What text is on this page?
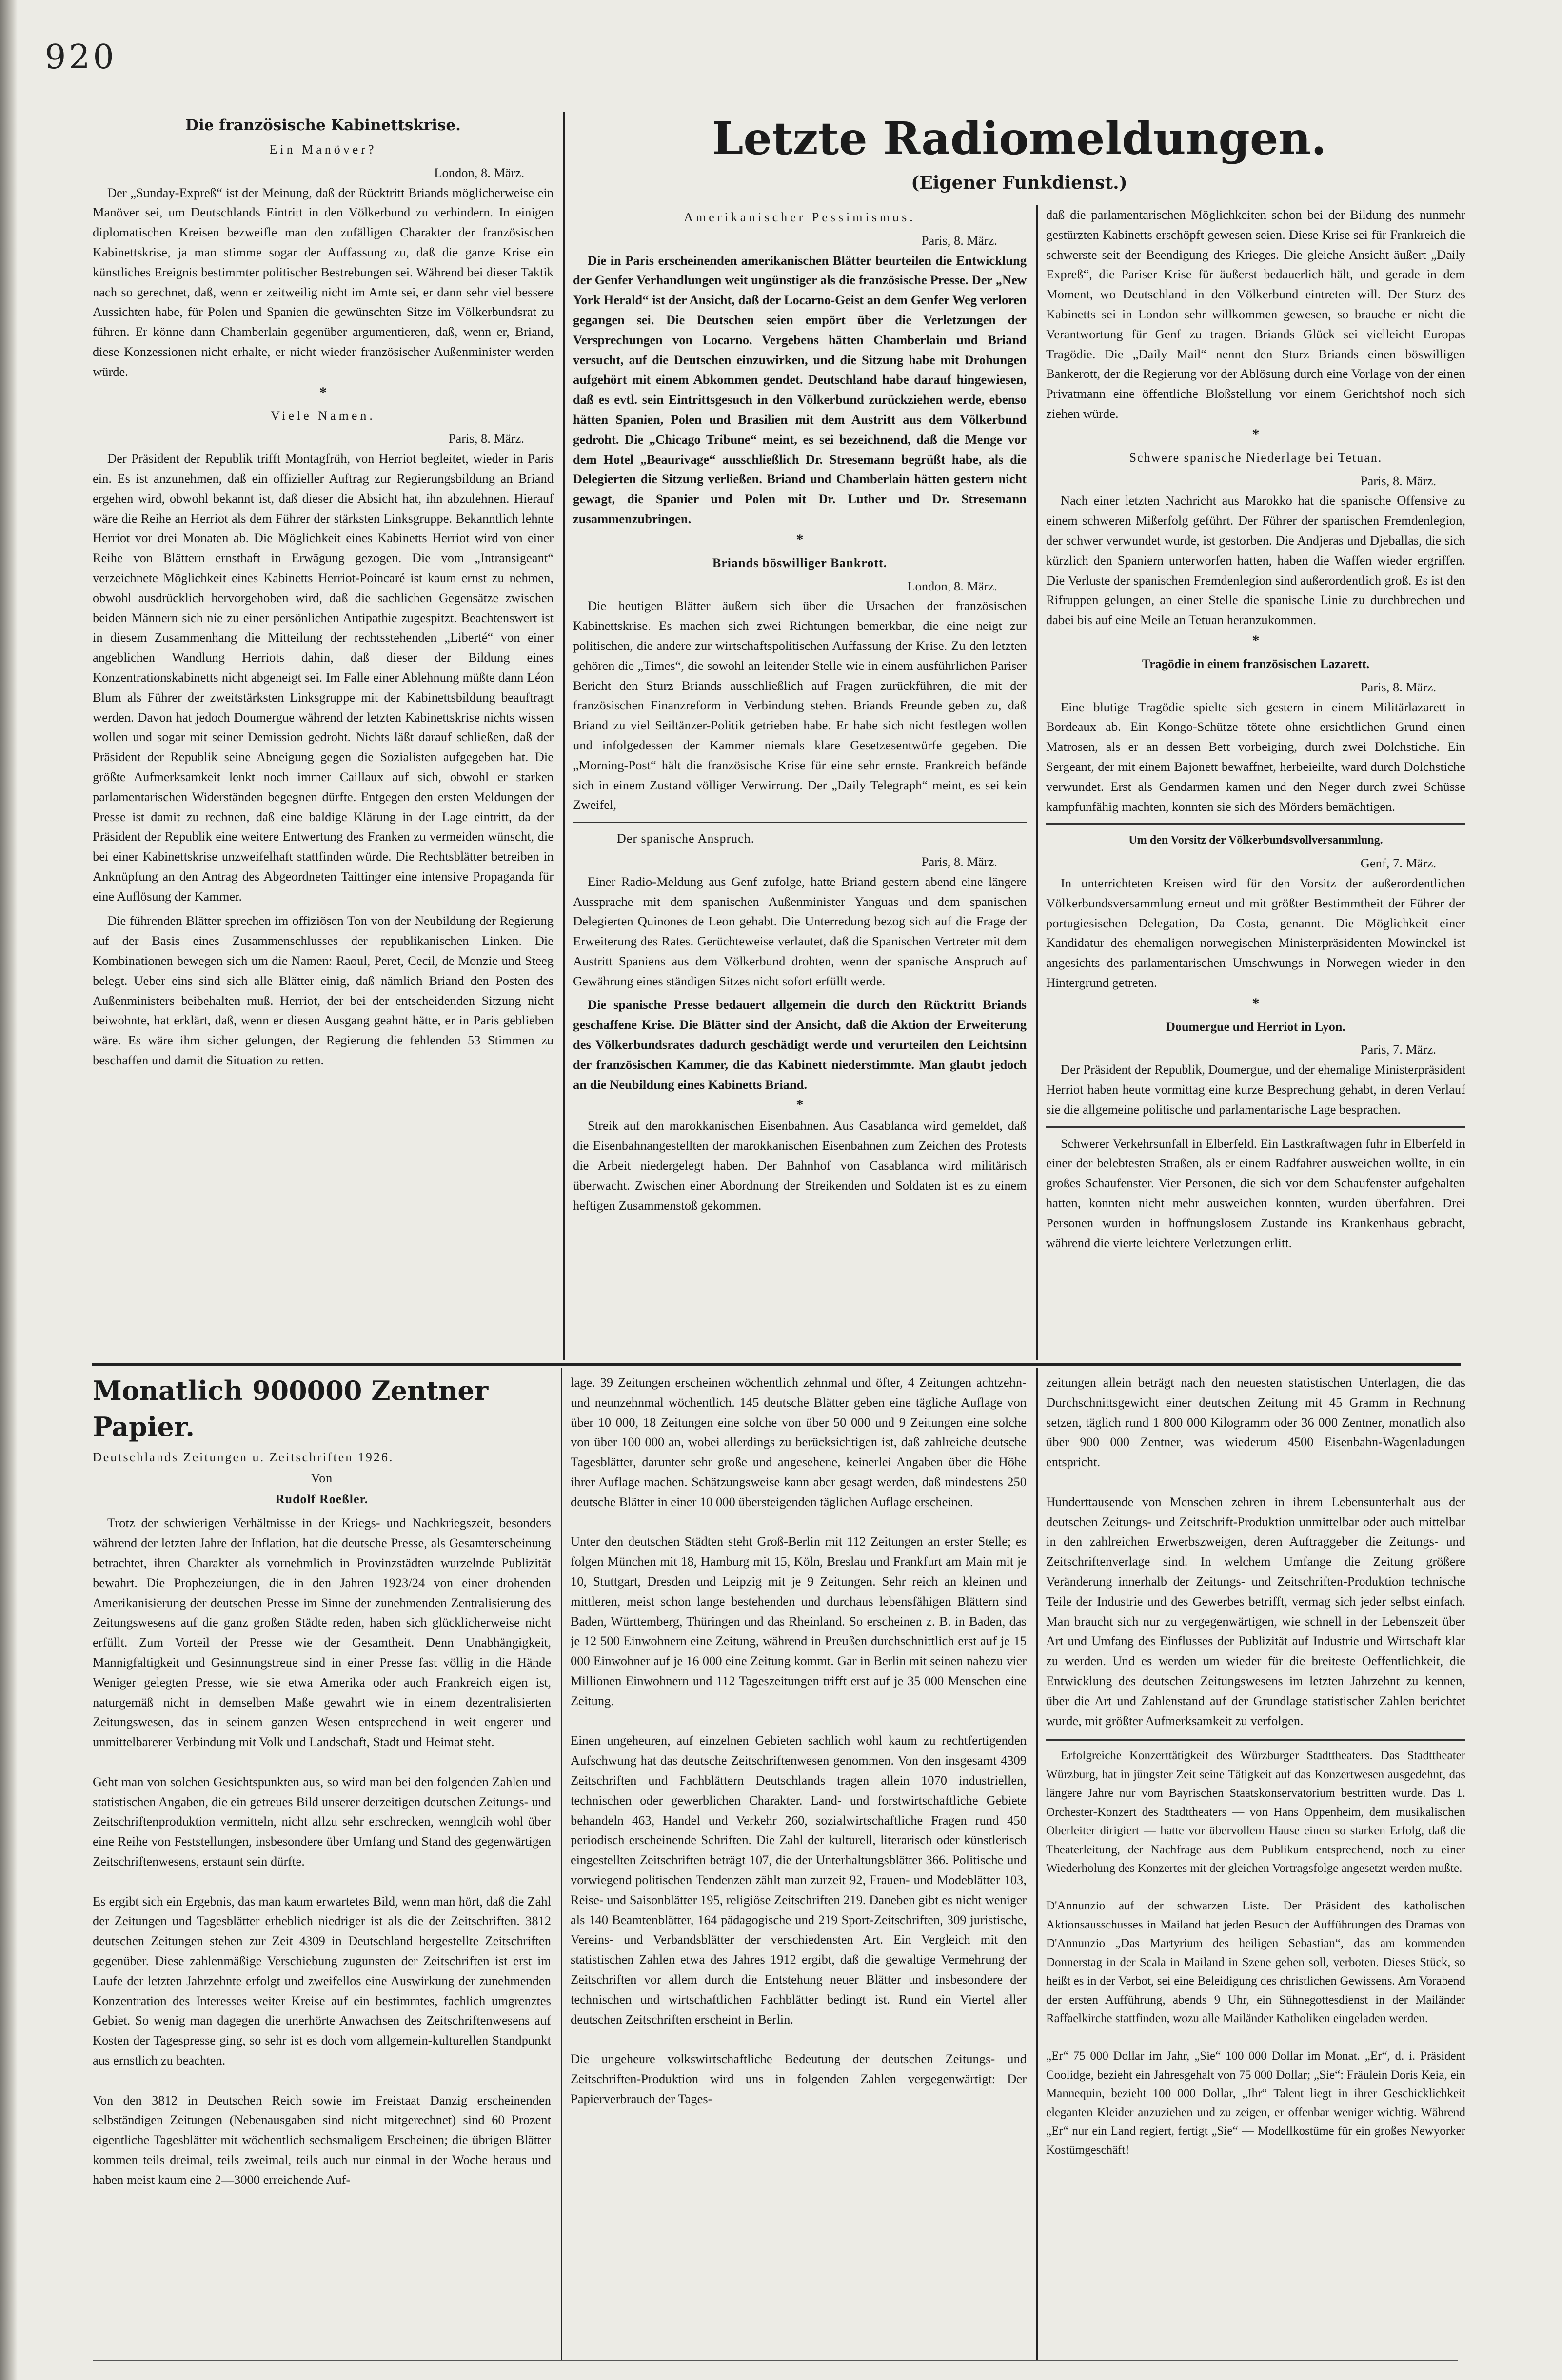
920

Die französische Kabinettskrise.

Ein Manöver?

London, 8. März.

Der „Sunday-Expreß“ ist der Meinung, daß der Rücktritt Briands möglicherweise ein Manöver sei, um Deutschlands Eintritt in den Völkerbund zu verhindern. In einigen diplomatischen Kreisen bezweifle man den zufälligen Charakter der französischen Kabinettskrise, ja man stimme sogar der Auffassung zu, daß die ganze Krise ein künstliches Ereignis bestimmter politischer Bestrebungen sei. Während bei dieser Taktik nach so gerechnet, daß, wenn er zeitweilig nicht im Amte sei, er dann sehr viel bessere Aussichten habe, für Polen und Spanien die gewünschten Sitze im Völkerbundsrat zu führen. Er könne dann Chamberlain gegenüber argumentieren, daß, wenn er, Briand, diese Konzessionen nicht erhalte, er nicht wieder französischer Außenminister werden würde.

*

Viele Namen.

Paris, 8. März.

Der Präsident der Republik trifft Montagfrüh, von Herriot begleitet, wieder in Paris ein. Es ist anzunehmen, daß ein offizieller Auftrag zur Regierungsbildung an Briand ergehen wird, obwohl bekannt ist, daß dieser die Absicht hat, ihn abzulehnen. Hierauf wäre die Reihe an Herriot als dem Führer der stärksten Linksgruppe. Bekanntlich lehnte Herriot vor drei Monaten ab. Die Möglichkeit eines Kabinetts Herriot wird von einer Reihe von Blättern ernsthaft in Erwägung gezogen. Die vom „Intransigeant“ verzeichnete Möglichkeit eines Kabinetts Herriot-Poincaré ist kaum ernst zu nehmen, obwohl ausdrücklich hervorgehoben wird, daß die sachlichen Gegensätze zwischen beiden Männern sich nie zu einer persönlichen Antipathie zugespitzt. Beachtenswert ist in diesem Zusammenhang die Mitteilung der rechtsstehenden „Liberté“ von einer angeblichen Wandlung Herriots dahin, daß dieser der Bildung eines Konzentrationskabinetts nicht abgeneigt sei. Im Falle einer Ablehnung müßte dann Léon Blum als Führer der zweitstärksten Linksgruppe mit der Kabinettsbildung beauftragt werden. Davon hat jedoch Doumergue während der letzten Kabinettskrise nichts wissen wollen und sogar mit seiner Demission gedroht. Nichts läßt darauf schließen, daß der Präsident der Republik seine Abneigung gegen die Sozialisten aufgegeben hat. Die größte Aufmerksamkeit lenkt noch immer Caillaux auf sich, obwohl er starken parlamentarischen Widerständen begegnen dürfte. Entgegen den ersten Meldungen der Presse ist damit zu rechnen, daß eine baldige Klärung in der Lage eintritt, da der Präsident der Republik eine weitere Entwertung des Franken zu vermeiden wünscht, die bei einer Kabinettskrise unzweifelhaft stattfinden würde. Die Rechtsblätter betreiben in Anknüpfung an den Antrag des Abgeordneten Taittinger eine intensive Propaganda für eine Auflösung der Kammer.

Die führenden Blätter sprechen im offiziösen Ton von der Neubildung der Regierung auf der Basis eines Zusammenschlusses der republikanischen Linken. Die Kombinationen bewegen sich um die Namen: Raoul, Peret, Cecil, de Monzie und Steeg belegt. Ueber eins sind sich alle Blätter einig, daß nämlich Briand den Posten des Außenministers beibehalten muß. Herriot, der bei der entscheidenden Sitzung nicht beiwohnte, hat erklärt, daß, wenn er diesen Ausgang geahnt hätte, er in Paris geblieben wäre. Es wäre ihm sicher gelungen, der Regierung die fehlenden 53 Stimmen zu beschaffen und damit die Situation zu retten.

Letzte Radiomeldungen.
(Eigener Funkdienst.)

Amerikanischer Pessimismus.

Paris, 8. März.

Die in Paris erscheinenden amerikanischen Blätter beurteilen die Entwicklung der Genfer Verhandlungen weit ungünstiger als die französische Presse. Der „New York Herald“ ist der Ansicht, daß der Locarno-Geist an dem Genfer Weg verloren gegangen sei. Die Deutschen seien empört über die Verletzungen der Versprechungen von Locarno. Vergebens hätten Chamberlain und Briand versucht, auf die Deutschen einzuwirken, und die Sitzung habe mit Drohungen aufgehört mit einem Abkommen gendet. Deutschland habe darauf hingewiesen, daß es evtl. sein Eintrittsgesuch in den Völkerbund zurückziehen werde, ebenso hätten Spanien, Polen und Brasilien mit dem Austritt aus dem Völkerbund gedroht. Die „Chicago Tribune“ meint, es sei bezeichnend, daß die Menge vor dem Hotel „Beaurivage“ ausschließlich Dr. Stresemann begrüßt habe, als die Delegierten die Sitzung verließen. Briand und Chamberlain hätten gestern nicht gewagt, die Spanier und Polen mit Dr. Luther und Dr. Stresemann zusammenzubringen.

*

Briands böswilliger Bankrott.

London, 8. März.

Die heutigen Blätter äußern sich über die Ursachen der französischen Kabinettskrise. Es machen sich zwei Richtungen bemerkbar, die eine neigt zur politischen, die andere zur wirtschaftspolitischen Auffassung der Krise. Zu den letzten gehören die „Times“, die sowohl an leitender Stelle wie in einem ausführlichen Pariser Bericht den Sturz Briands ausschließlich auf Fragen zurückführen, die mit der französischen Finanzreform in Verbindung stehen. Briands Freunde geben zu, daß Briand zu viel Seiltänzer-Politik getrieben habe. Er habe sich nicht festlegen wollen und infolgedessen der Kammer niemals klare Gesetzesentwürfe gegeben. Die „Morning-Post“ hält die französische Krise für eine sehr ernste. Frankreich befände sich in einem Zustand völliger Verwirrung. Der „Daily Telegraph“ meint, es sei kein Zweifel,

Der spanische Anspruch.

Paris, 8. März.

Einer Radio-Meldung aus Genf zufolge, hatte Briand gestern abend eine längere Aussprache mit dem spanischen Außenminister Yanguas und dem spanischen Delegierten Quinones de Leon gehabt. Die Unterredung bezog sich auf die Frage der Erweiterung des Rates. Gerüchteweise verlautet, daß die Spanischen Vertreter mit dem Austritt Spaniens aus dem Völkerbund drohten, wenn der spanische Anspruch auf Gewährung eines ständigen Sitzes nicht sofort erfüllt werde.

Die spanische Presse bedauert allgemein die durch den Rücktritt Briands geschaffene Krise. Die Blätter sind der Ansicht, daß die Aktion der Erweiterung des Völkerbundsrates dadurch geschädigt werde und verurteilen den Leichtsinn der französischen Kammer, die das Kabinett niederstimmte. Man glaubt jedoch an die Neubildung eines Kabinetts Briand.

*

Streik auf den marokkanischen Eisenbahnen. Aus Casablanca wird gemeldet, daß die Eisenbahnangestellten der marokkanischen Eisenbahnen zum Zeichen des Protests die Arbeit niedergelegt haben. Der Bahnhof von Casablanca wird militärisch überwacht. Zwischen einer Abordnung der Streikenden und Soldaten ist es zu einem heftigen Zusammenstoß gekommen.

daß die parlamentarischen Möglichkeiten schon bei der Bildung des nunmehr gestürzten Kabinetts erschöpft gewesen seien. Diese Krise sei für Frankreich die schwerste seit der Beendigung des Krieges. Die gleiche Ansicht äußert „Daily Expreß“, die Pariser Krise für äußerst bedauerlich hält, und gerade in dem Moment, wo Deutschland in den Völkerbund eintreten will. Der Sturz des Kabinetts sei in London sehr willkommen gewesen, so brauche er nicht die Verantwortung für Genf zu tragen. Briands Glück sei vielleicht Europas Tragödie. Die „Daily Mail“ nennt den Sturz Briands einen böswilligen Bankerott, der die Regierung vor der Ablösung durch eine Vorlage von der einen Privatmann eine öffentliche Bloßstellung vor einem Gerichtshof noch sich ziehen würde.

*

Schwere spanische Niederlage bei Tetuan.

Paris, 8. März.

Nach einer letzten Nachricht aus Marokko hat die spanische Offensive zu einem schweren Mißerfolg geführt. Der Führer der spanischen Fremdenlegion, der schwer verwundet wurde, ist gestorben. Die Andjeras und Djeballas, die sich kürzlich den Spaniern unterworfen hatten, haben die Waffen wieder ergriffen. Die Verluste der spanischen Fremdenlegion sind außerordentlich groß. Es ist den Rifruppen gelungen, an einer Stelle die spanische Linie zu durchbrechen und dabei bis auf eine Meile an Tetuan heranzukommen.

*

Tragödie in einem französischen Lazarett.

Paris, 8. März.

Eine blutige Tragödie spielte sich gestern in einem Militärlazarett in Bordeaux ab. Ein Kongo-Schütze tötete ohne ersichtlichen Grund einen Matrosen, als er an dessen Bett vorbeiging, durch zwei Dolchstiche. Ein Sergeant, der mit einem Bajonett bewaffnet, herbeieilte, ward durch Dolchstiche verwundet. Erst als Gendarmen kamen und den Neger durch zwei Schüsse kampfunfähig machten, konnten sie sich des Mörders bemächtigen.

Um den Vorsitz der Völkerbundsvollversammlung.

Genf, 7. März.

In unterrichteten Kreisen wird für den Vorsitz der außerordentlichen Völkerbundsversammlung erneut und mit größter Bestimmtheit der Führer der portugiesischen Delegation, Da Costa, genannt. Die Möglichkeit einer Kandidatur des ehemaligen norwegischen Ministerpräsidenten Mowinckel ist angesichts des parlamentarischen Umschwungs in Norwegen wieder in den Hintergrund getreten.

*

Doumergue und Herriot in Lyon.

Paris, 7. März.

Der Präsident der Republik, Doumergue, und der ehemalige Ministerpräsident Herriot haben heute vormittag eine kurze Besprechung gehabt, in deren Verlauf sie die allgemeine politische und parlamentarische Lage besprachen.

Schwerer Verkehrsunfall in Elberfeld. Ein Lastkraftwagen fuhr in Elberfeld in einer der belebtesten Straßen, als er einem Radfahrer ausweichen wollte, in ein großes Schaufenster. Vier Personen, die sich vor dem Schaufenster aufgehalten hatten, konnten nicht mehr ausweichen konnten, wurden überfahren. Drei Personen wurden in hoffnungslosem Zustande ins Krankenhaus gebracht, während die vierte leichtere Verletzungen erlitt.

Monatlich 900000 Zentner Papier.

Deutschlands Zeitungen u. Zeitschriften 1926.

Von

Rudolf Roeßler.

Trotz der schwierigen Verhältnisse in der Kriegs- und Nachkriegszeit, besonders während der letzten Jahre der Inflation, hat die deutsche Presse, als Gesamterscheinung betrachtet, ihren Charakter als vornehmlich in Provinzstädten wurzelnde Publizität bewahrt. Die Prophezeiungen, die in den Jahren 1923/24 von einer drohenden Amerikanisierung der deutschen Presse im Sinne der zunehmenden Zentralisierung des Zeitungswesens auf die ganz großen Städte reden, haben sich glücklicherweise nicht erfüllt. Zum Vorteil der Presse wie der Gesamtheit. Denn Unabhängigkeit, Mannigfaltigkeit und Gesinnungstreue sind in einer Presse fast völlig in die Hände Weniger gelegten Presse, wie sie etwa Amerika oder auch Frankreich eigen ist, naturgemäß nicht in demselben Maße gewahrt wie in einem dezentralisierten Zeitungswesen, das in seinem ganzen Wesen entsprechend in weit engerer und unmittelbarerer Verbindung mit Volk und Landschaft, Stadt und Heimat steht.

Geht man von solchen Gesichtspunkten aus, so wird man bei den folgenden Zahlen und statistischen Angaben, die ein getreues Bild unserer derzeitigen deutschen Zeitungs- und Zeitschriftenproduktion vermitteln, nicht allzu sehr erschrecken, wennglcih wohl über eine Reihe von Feststellungen, insbesondere über Umfang und Stand des gegenwärtigen Zeitschriftenwesens, erstaunt sein dürfte.

Es ergibt sich ein Ergebnis, das man kaum erwartetes Bild, wenn man hört, daß die Zahl der Zeitungen und Tagesblätter erheblich niedriger ist als die der Zeitschriften. 3812 deutschen Zeitungen stehen zur Zeit 4309 in Deutschland hergestellte Zeitschriften gegenüber. Diese zahlenmäßige Verschiebung zugunsten der Zeitschriften ist erst im Laufe der letzten Jahrzehnte erfolgt und zweifellos eine Auswirkung der zunehmenden Konzentration des Interesses weiter Kreise auf ein bestimmtes, fachlich umgrenztes Gebiet. So wenig man dagegen die unerhörte Anwachsen des Zeitschriftenwesens auf Kosten der Tagespresse ging, so sehr ist es doch vom allgemein-kulturellen Standpunkt aus ernstlich zu beachten.

Von den 3812 in Deutschen Reich sowie im Freistaat Danzig erscheinenden selbständigen Zeitungen (Nebenausgaben sind nicht mitgerechnet) sind 60 Prozent eigentliche Tagesblätter mit wöchentlich sechsmaligem Erscheinen; die übrigen Blätter kommen teils dreimal, teils zweimal, teils auch nur einmal in der Woche heraus und haben meist kaum eine 2—3000 erreichende Auf-

lage. 39 Zeitungen erscheinen wöchentlich zehnmal und öfter, 4 Zeitungen achtzehn- und neunzehnmal wöchentlich. 145 deutsche Blätter geben eine tägliche Auflage von über 10 000, 18 Zeitungen eine solche von über 50 000 und 9 Zeitungen eine solche von über 100 000 an, wobei allerdings zu berücksichtigen ist, daß zahlreiche deutsche Tagesblätter, darunter sehr große und angesehene, keinerlei Angaben über die Höhe ihrer Auflage machen. Schätzungsweise kann aber gesagt werden, daß mindestens 250 deutsche Blätter in einer 10 000 übersteigenden täglichen Auflage erscheinen.

Unter den deutschen Städten steht Groß-Berlin mit 112 Zeitungen an erster Stelle; es folgen München mit 18, Hamburg mit 15, Köln, Breslau und Frankfurt am Main mit je 10, Stuttgart, Dresden und Leipzig mit je 9 Zeitungen. Sehr reich an kleinen und mittleren, meist schon lange bestehenden und durchaus lebensfähigen Blättern sind Baden, Württemberg, Thüringen und das Rheinland. So erscheinen z. B. in Baden, das je 12 500 Einwohnern eine Zeitung, während in Preußen durchschnittlich erst auf je 15 000 Einwohner auf je 16 000 eine Zeitung kommt. Gar in Berlin mit seinen nahezu vier Millionen Einwohnern und 112 Tageszeitungen trifft erst auf je 35 000 Menschen eine Zeitung.

Einen ungeheuren, auf einzelnen Gebieten sachlich wohl kaum zu rechtfertigenden Aufschwung hat das deutsche Zeitschriftenwesen genommen. Von den insgesamt 4309 Zeitschriften und Fachblättern Deutschlands tragen allein 1070 industriellen, technischen oder gewerblichen Charakter. Land- und forstwirtschaftliche Gebiete behandeln 463, Handel und Verkehr 260, sozialwirtschaftliche Fragen rund 450 periodisch erscheinende Schriften. Die Zahl der kulturell, literarisch oder künstlerisch eingestellten Zeitschriften beträgt 107, die der Unterhaltungsblätter 366. Politische und vorwiegend politischen Tendenzen zählt man zurzeit 92, Frauen- und Modeblätter 103, Reise- und Saisonblätter 195, religiöse Zeitschriften 219. Daneben gibt es nicht weniger als 140 Beamtenblätter, 164 pädagogische und 219 Sport-Zeitschriften, 309 juristische, Vereins- und Verbandsblätter der verschiedensten Art. Ein Vergleich mit den statistischen Zahlen etwa des Jahres 1912 ergibt, daß die gewaltige Vermehrung der Zeitschriften vor allem durch die Entstehung neuer Blätter und insbesondere der technischen und wirtschaftlichen Fachblätter bedingt ist. Rund ein Viertel aller deutschen Zeitschriften erscheint in Berlin.

Die ungeheure volkswirtschaftliche Bedeutung der deutschen Zeitungs- und Zeitschriften-Produktion wird uns in folgenden Zahlen vergegenwärtigt: Der Papierverbrauch der Tages-

zeitungen allein beträgt nach den neuesten statistischen Unterlagen, die das Durchschnittsgewicht einer deutschen Zeitung mit 45 Gramm in Rechnung setzen, täglich rund 1 800 000 Kilogramm oder 36 000 Zentner, monatlich also über 900 000 Zentner, was wiederum 4500 Eisenbahn-Wagenladungen entspricht.

Hunderttausende von Menschen zehren in ihrem Lebensunterhalt aus der deutschen Zeitungs- und Zeitschrift-Produktion unmittelbar oder auch mittelbar in den zahlreichen Erwerbszweigen, deren Auftraggeber die Zeitungs- und Zeitschriftenverlage sind. In welchem Umfange die Zeitung größere Veränderung innerhalb der Zeitungs- und Zeitschriften-Produktion technische Teile der Industrie und des Gewerbes betrifft, vermag sich jeder selbst einfach. Man braucht sich nur zu vergegenwärtigen, wie schnell in der Lebenszeit über Art und Umfang des Einflusses der Publizität auf Industrie und Wirtschaft klar zu werden. Und es werden um wieder für die breiteste Oeffentlichkeit, die Entwicklung des deutschen Zeitungswesens im letzten Jahrzehnt zu kennen, über die Art und Zahlenstand auf der Grundlage statistischer Zahlen berichtet wurde, mit größter Aufmerksamkeit zu verfolgen.

Erfolgreiche Konzerttätigkeit des Würzburger Stadttheaters. Das Stadttheater Würzburg, hat in jüngster Zeit seine Tätigkeit auf das Konzertwesen ausgedehnt, das längere Jahre nur vom Bayrischen Staatskonservatorium bestritten wurde. Das 1. Orchester-Konzert des Stadttheaters — von Hans Oppenheim, dem musikalischen Oberleiter dirigiert — hatte vor übervollem Hause einen so starken Erfolg, daß die Theaterleitung, der Nachfrage aus dem Publikum entsprechend, noch zu einer Wiederholung des Konzertes mit der gleichen Vortragsfolge angesetzt werden mußte.

D'Annunzio auf der schwarzen Liste. Der Präsident des katholischen Aktionsausschusses in Mailand hat jeden Besuch der Aufführungen des Dramas von D'Annunzio „Das Martyrium des heiligen Sebastian“, das am kommenden Donnerstag in der Scala in Mailand in Szene gehen soll, verboten. Dieses Stück, so heißt es in der Verbot, sei eine Beleidigung des christlichen Gewissens. Am Vorabend der ersten Aufführung, abends 9 Uhr, ein Sühnegottesdienst in der Mailänder Raffaelkirche stattfinden, wozu alle Mailänder Katholiken eingeladen werden.

„Er“ 75 000 Dollar im Jahr, „Sie“ 100 000 Dollar im Monat. „Er“, d. i. Präsident Coolidge, bezieht ein Jahresgehalt von 75 000 Dollar; „Sie“: Fräulein Doris Keia, ein Mannequin, bezieht 100 000 Dollar, „Ihr“ Talent liegt in ihrer Geschicklichkeit eleganten Kleider anzuziehen und zu zeigen, er offenbar weniger wichtig. Während „Er“ nur ein Land regiert, fertigt „Sie“ — Modellkostüme für ein großes Newyorker Kostümgeschäft!
